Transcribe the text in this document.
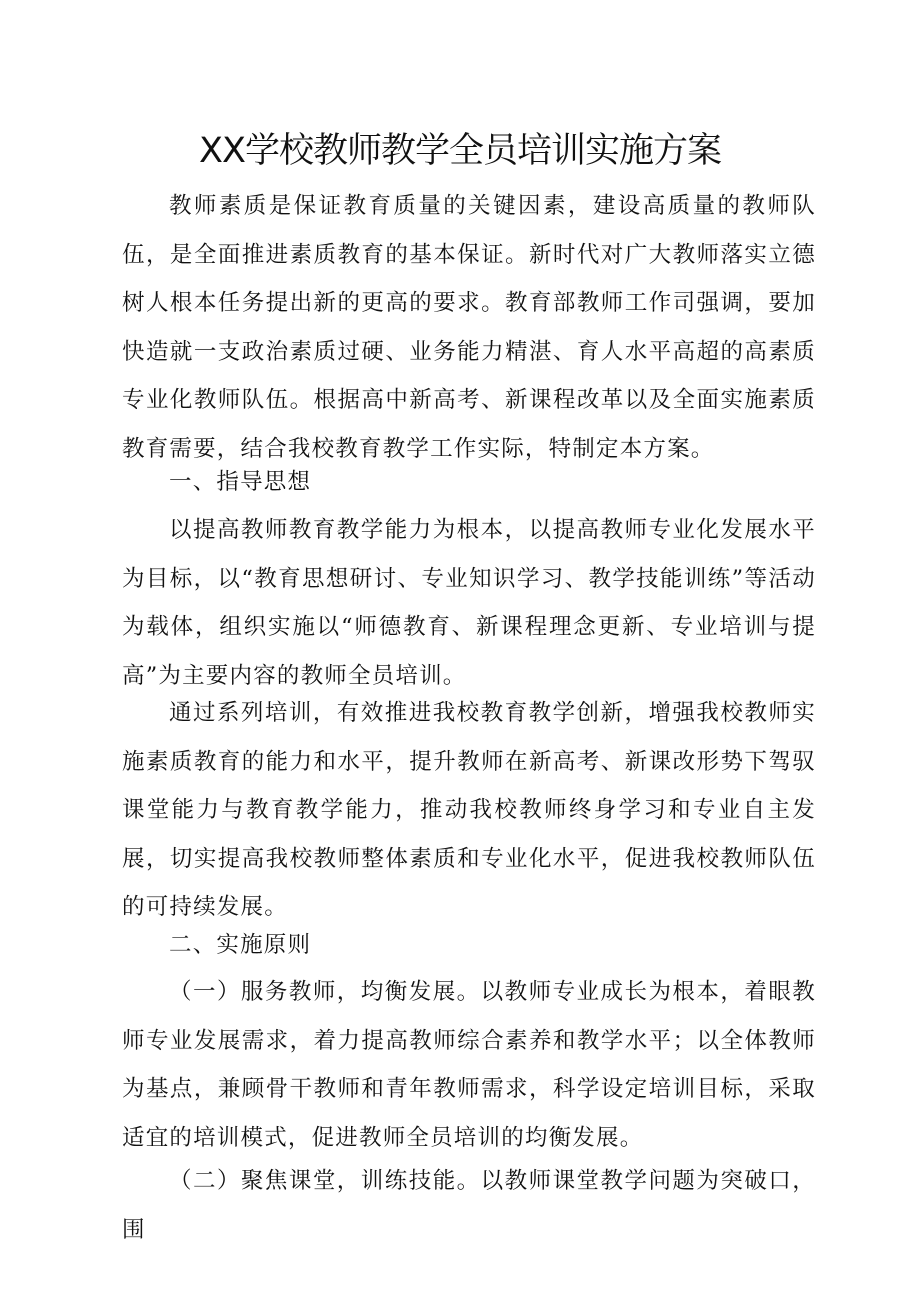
XX学校教师教学全员培训实施方案

教师素质是保证教育质量的关键因素，建设高质量的教师队伍，是全面推进素质教育的基本保证。新时代对广大教师落实立德树人根本任务提出新的更高的要求。教育部教师工作司强调，要加快造就一支政治素质过硬、业务能力精湛、育人水平高超的高素质专业化教师队伍。根据高中新高考、新课程改革以及全面实施素质教育需要，结合我校教育教学工作实际，特制定本方案。

一、指导思想

以提高教师教育教学能力为根本，以提高教师专业化发展水平为目标，以“教育思想研讨、专业知识学习、教学技能训练”等活动为载体，组织实施以“师德教育、新课程理念更新、专业培训与提高”为主要内容的教师全员培训。

通过系列培训，有效推进我校教育教学创新，增强我校教师实施素质教育的能力和水平，提升教师在新高考、新课改形势下驾驭课堂能力与教育教学能力，推动我校教师终身学习和专业自主发展，切实提高我校教师整体素质和专业化水平，促进我校教师队伍的可持续发展。

二、实施原则

（一）服务教师，均衡发展。以教师专业成长为根本，着眼教师专业发展需求，着力提高教师综合素养和教学水平；以全体教师为基点，兼顾骨干教师和青年教师需求，科学设定培训目标，采取适宜的培训模式，促进教师全员培训的均衡发展。

（二）聚焦课堂，训练技能。以教师课堂教学问题为突破口，围
